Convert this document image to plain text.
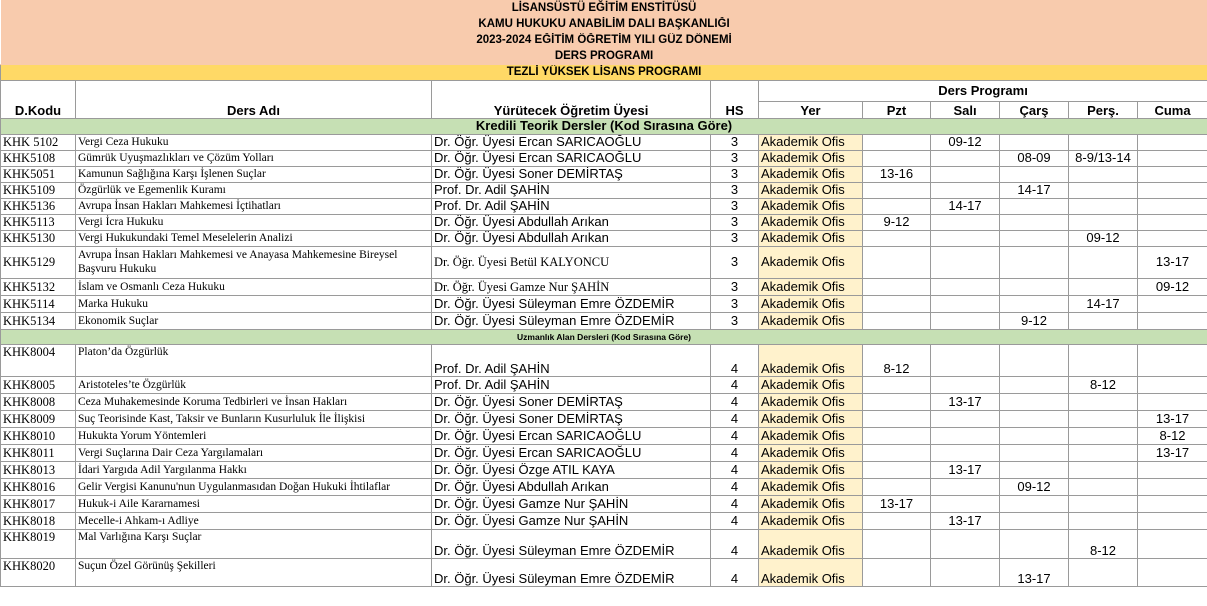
LİSANSÜSTÜ EĞİTİM ENSTİTÜSÜ									
KAMU HUKUKU ANABİLİM DALI BAŞKANLIĞI									
2023-2024 EĞİTİM ÖĞRETİM YILI GÜZ DÖNEMİ									
DERS PROGRAMI									
TEZLİ YÜKSEK LİSANS PROGRAMI									
D.Kodu	Ders Adı	Yürütecek Öğretim Üyesi	HS	Ders Programı					
				Yer	Pzt	Salı	Çarş	Perş.	Cuma
Kredili Teorik Dersler (Kod Sırasına Göre)									
KHK 5102	Vergi Ceza Hukuku	Dr. Öğr. Üyesi Ercan SARICAOĞLU	3	Akademik Ofis		09-12			
KHK5108	Gümrük Uyuşmazlıkları ve Çözüm Yolları	Dr. Öğr. Üyesi Ercan SARICAOĞLU	3	Akademik Ofis			08-09	8-9/13-14	
KHK5051	Kamunun Sağlığına Karşı İşlenen Suçlar	Dr. Öğr. Üyesi Soner DEMİRTAŞ	3	Akademik Ofis	13-16				
KHK5109	Özgürlük ve Egemenlik Kuramı	Prof. Dr. Adil ŞAHİN	3	Akademik Ofis			14-17		
KHK5136	Avrupa İnsan Hakları Mahkemesi İçtihatları	Prof. Dr. Adil ŞAHİN	3	Akademik Ofis		14-17			
KHK5113	Vergi İcra Hukuku	Dr. Öğr. Üyesi Abdullah Arıkan	3	Akademik Ofis	9-12				
KHK5130	Vergi Hukukundaki Temel Meselelerin Analizi	Dr. Öğr. Üyesi Abdullah Arıkan	3	Akademik Ofis				09-12	
KHK5129	Avrupa İnsan Hakları Mahkemesi ve Anayasa Mahkemesine Bireysel Başvuru Hukuku	Dr. Öğr. Üyesi Betül KALYONCU	3	Akademik Ofis					13-17
KHK5132	İslam ve Osmanlı Ceza Hukuku	Dr. Öğr. Üyesi Gamze Nur ŞAHİN	3	Akademik Ofis					09-12
KHK5114	Marka Hukuku	Dr. Öğr. Üyesi Süleyman Emre ÖZDEMİR	3	Akademik Ofis				14-17	
KHK5134	Ekonomik Suçlar	Dr. Öğr. Üyesi Süleyman Emre ÖZDEMİR	3	Akademik Ofis			9-12		
Uzmanlık Alan Dersleri (Kod Sırasına Göre)									
KHK8004	Platon’da Özgürlük	Prof. Dr. Adil ŞAHİN	4	Akademik Ofis	8-12				
KHK8005	Aristoteles’te Özgürlük	Prof. Dr. Adil ŞAHİN	4	Akademik Ofis				8-12	
KHK8008	Ceza Muhakemesinde Koruma Tedbirleri ve İnsan Hakları	Dr. Öğr. Üyesi Soner DEMİRTAŞ	4	Akademik Ofis		13-17			
KHK8009	Suç Teorisinde Kast, Taksir ve Bunların Kusurluluk İle İlişkisi	Dr. Öğr. Üyesi Soner DEMİRTAŞ	4	Akademik Ofis					13-17
KHK8010	Hukukta Yorum Yöntemleri	Dr. Öğr. Üyesi Ercan SARICAOĞLU	4	Akademik Ofis					8-12
KHK8011	Vergi Suçlarına Dair Ceza Yargılamaları	Dr. Öğr. Üyesi Ercan SARICAOĞLU	4	Akademik Ofis					13-17
KHK8013	İdari Yargıda Adil Yargılanma Hakkı	Dr. Öğr. Üyesi Özge ATIL KAYA	4	Akademik Ofis		13-17			
KHK8016	Gelir Vergisi Kanunu'nun Uygulanmasıdan Doğan Hukuki İhtilaflar	Dr. Öğr. Üyesi Abdullah Arıkan	4	Akademik Ofis			09-12		
KHK8017	Hukuk-i Aile Kararnamesi	Dr. Öğr. Üyesi Gamze Nur ŞAHİN	4	Akademik Ofis	13-17				
KHK8018	Mecelle-i Ahkam-ı Adliye	Dr. Öğr. Üyesi Gamze Nur ŞAHİN	4	Akademik Ofis		13-17			
KHK8019	Mal Varlığına Karşı Suçlar	Dr. Öğr. Üyesi Süleyman Emre ÖZDEMİR	4	Akademik Ofis				8-12	
KHK8020	Suçun Özel Görünüş Şekilleri	Dr. Öğr. Üyesi Süleyman Emre ÖZDEMİR	4	Akademik Ofis			13-17		
